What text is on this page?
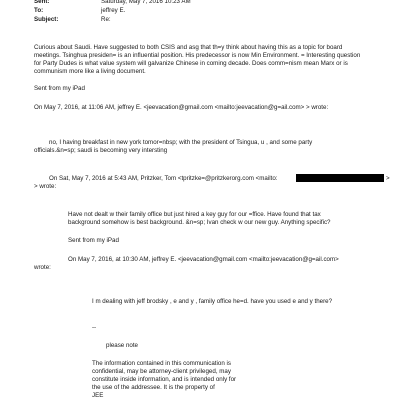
Sent:	Saturday, May 7, 2016 10:23 AM
To:	jeffrey E.
Subject:	Re:
Curious about Saudi. Have suggested to both CSIS and asg that th=y think about having this as a topic for board
meetings. Tsinghua presiden= is an influential position. His predecessor is now Min Environment. = Interesting question
for Party Dudes is what value system will galvanize Chinese in coming decade. Does comm=nism mean Marx or is
communism more like a living document.
Sent from my iPad
On May 7, 2016, at 11:06 AM, jeffrey E. <jeevacation@gmail.com <mailto:jeevacation@g=ail.com> > wrote:
no, I having breakfast in new york tomor=nbsp; with the president of Tsingua, u , and some party
officials.&n=sp; saudi is becoming very intersting
On Sat, May 7, 2016 at 5:43 AM, Pritzker, Tom <tpritzke=@pritzkerorg.com <mailto:	>
> wrote:
Have not dealt w their family office but just hired a key guy for our =ffice. Have found that tax
background somehow is best background. &n=sp; Ivan check w our new guy. Anything specific?
Sent from my iPad
On May 7, 2016, at 10:30 AM, jeffrey E. <jeevacation@gmail.com <mailto:jeevacation@g=ail.com>
wrote:
I m dealing with jeff brodsky , e and y , family office he=d. have you used e and y there?
--
please note
The information contained in this communication is
confidential, may be attorney-client privileged, may
constitute inside information, and is intended only for
the use of the addressee. It is the property of
JEE
